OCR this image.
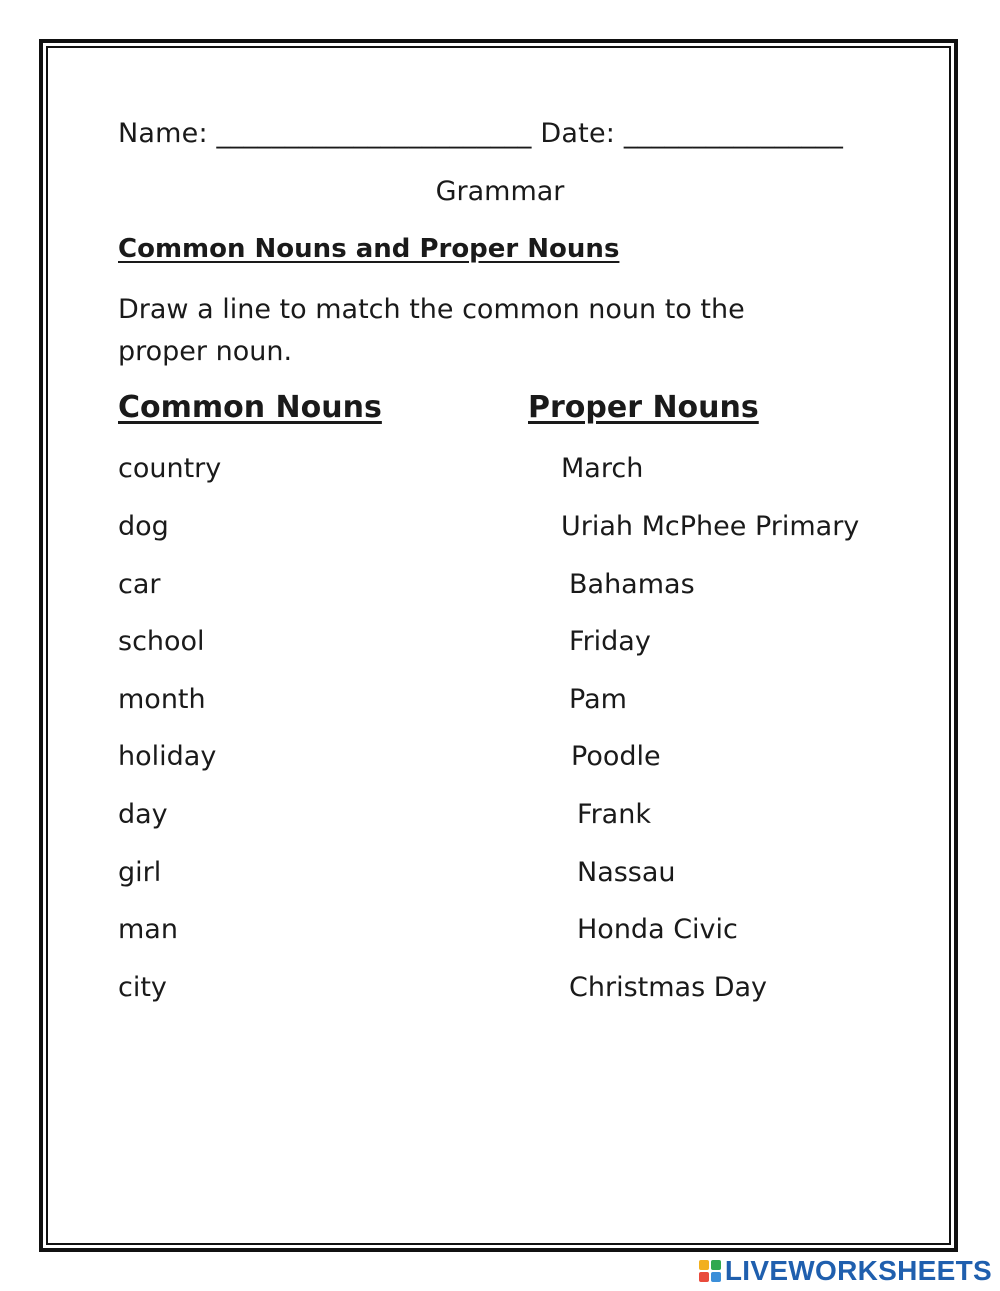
Name: _______________________ Date: ________________
Grammar
Common Nouns and Proper Nouns
Draw a line to match the common noun to the proper noun.
Common Nouns	Proper Nouns
country
dog
car
school
month
holiday
day
girl
man
city
March
Uriah McPhee Primary
Bahamas
Friday
Pam
Poodle
Frank
Nassau
Honda Civic
Christmas Day
LIVEWORKSHEETS
